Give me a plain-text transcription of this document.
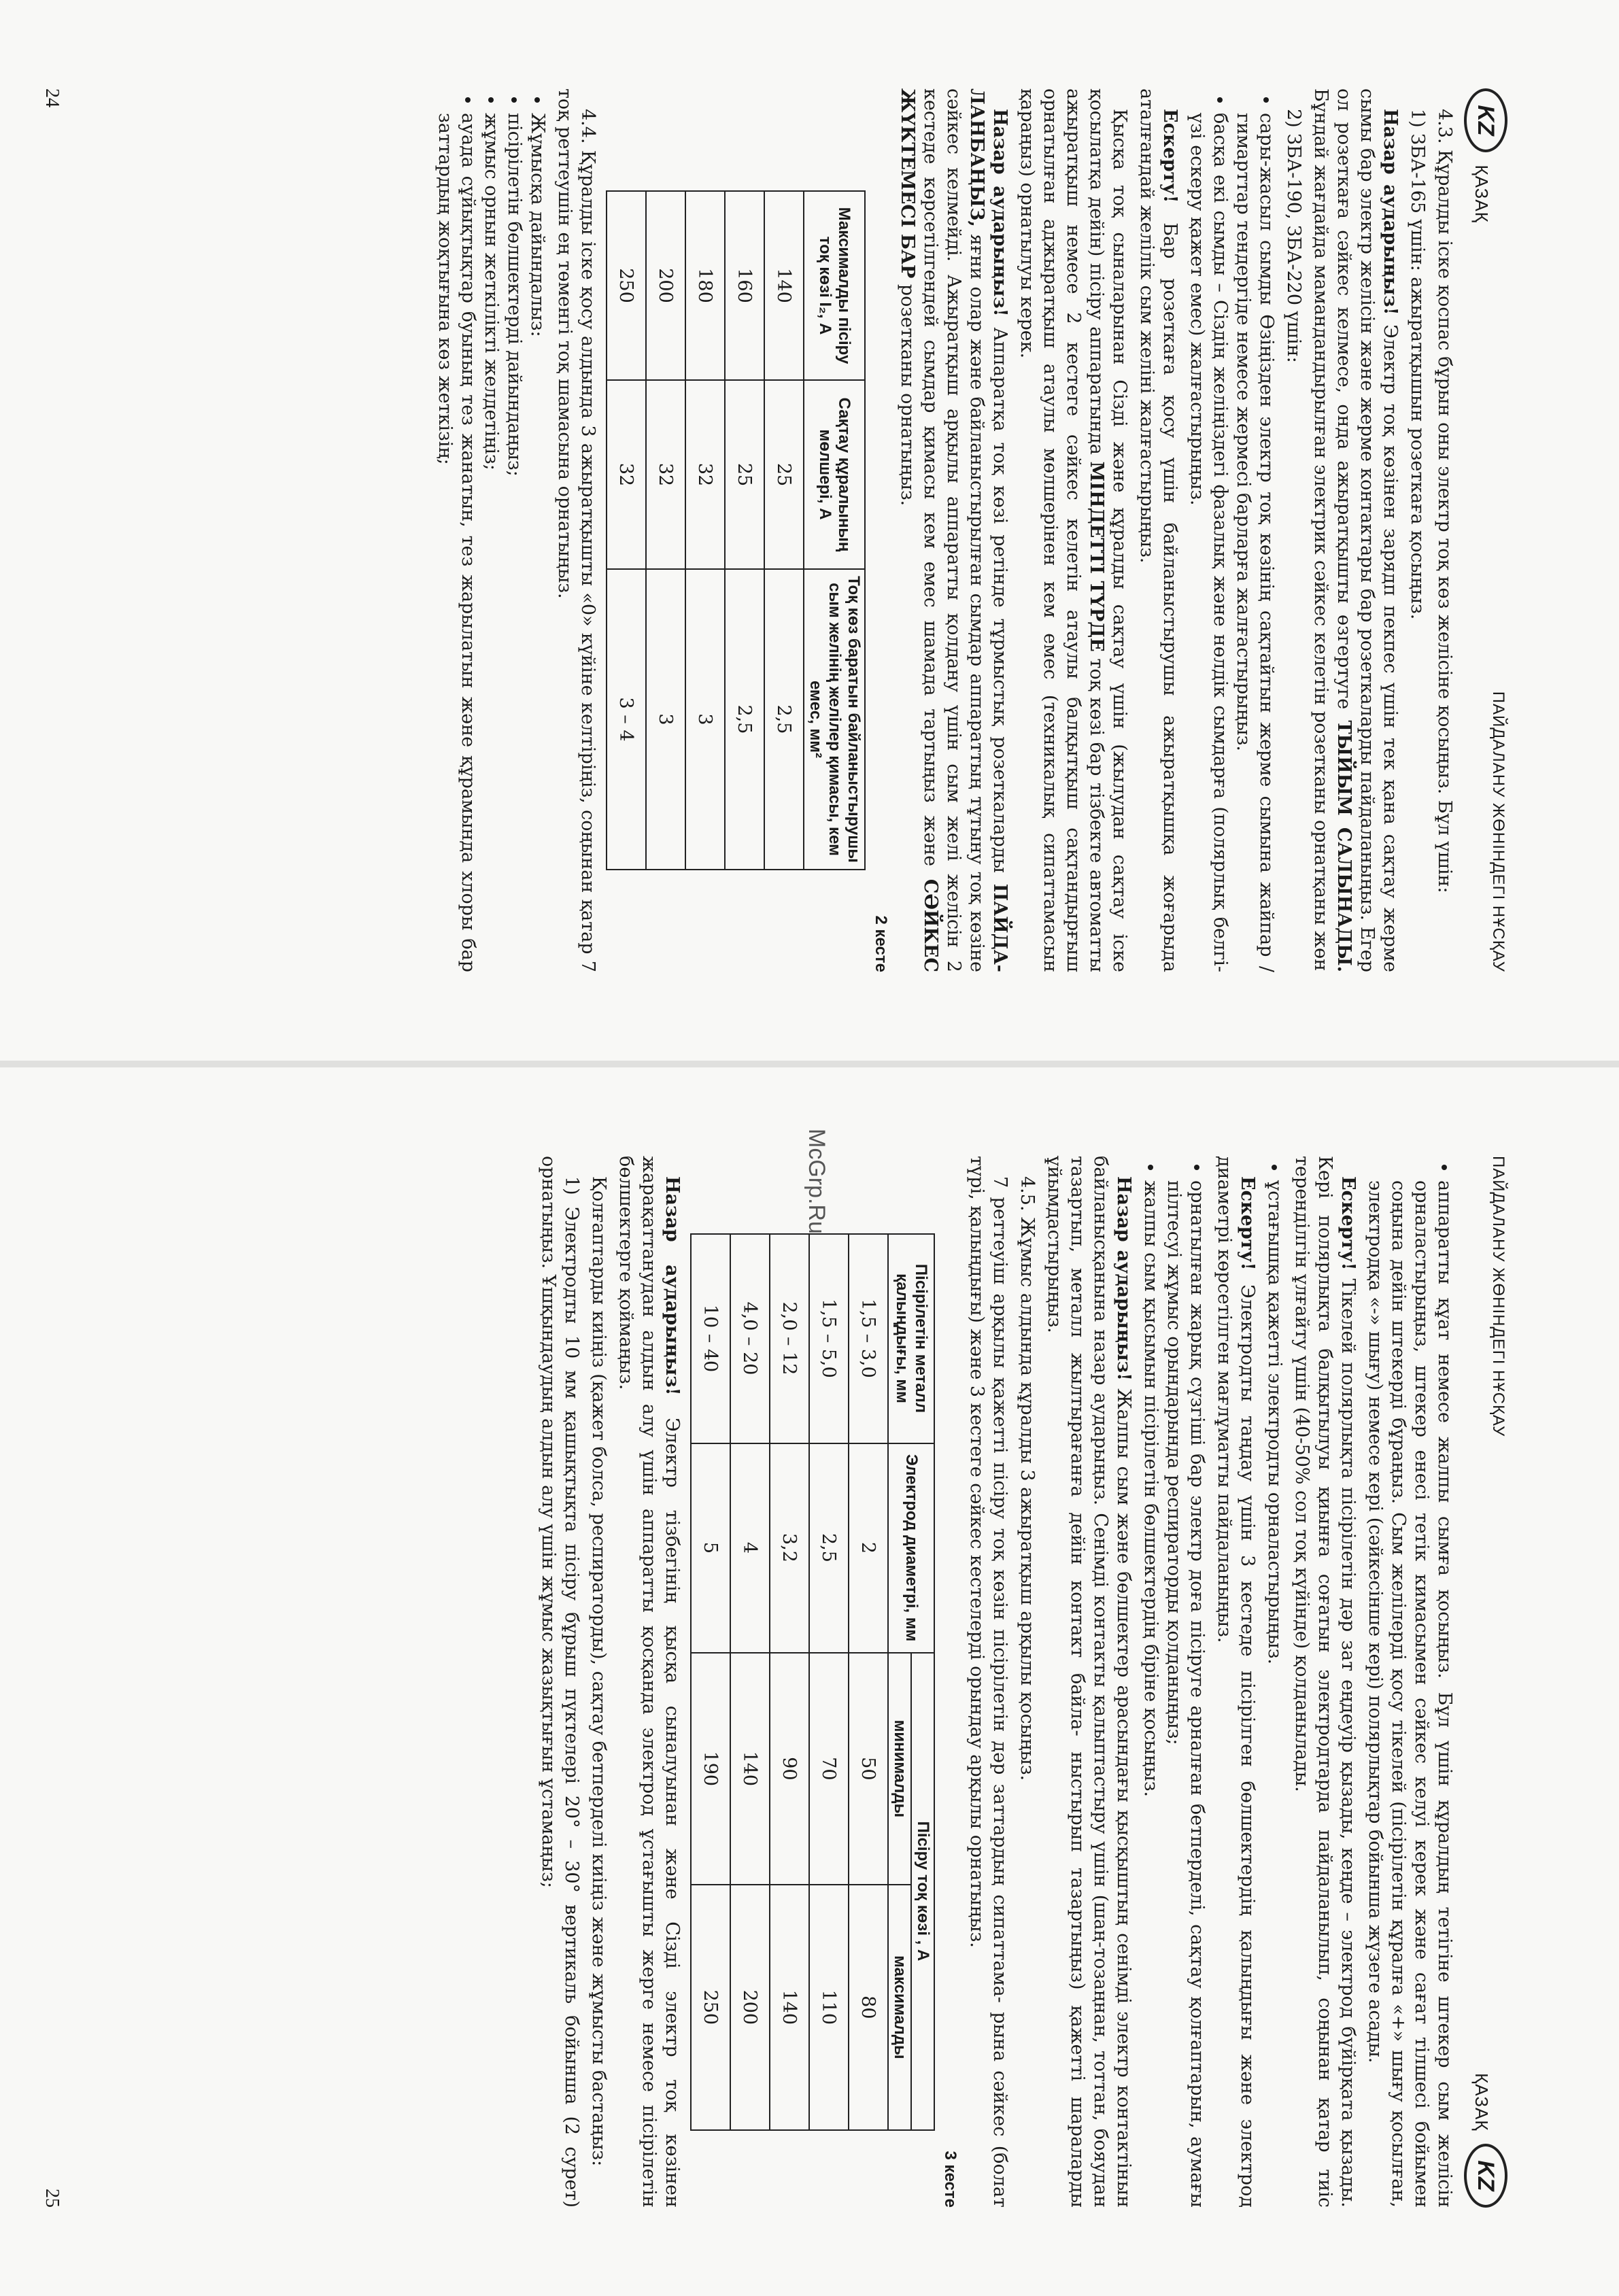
KZ ҚАЗАҚ
ПАЙДАЛАНУ ЖӨНІНДЕГІ НҰСҚАУ

4.3. Құралды іске қоспас бұрын оны электр тоқ көз желісіне қосыңыз. Бұл үшін:

1) ЗБА-165 үшін: ажыратқышын розеткаға қосыңыз.

Назар аударыңыз! Электр тоқ көзінен зарядп пекпес үшін тек қана сақтау жерме сымы бар электр желісін және жерме контактары бар розеткаларды пайдаланыңыз. Егер ол розеткаға сәйкес келмесе, онда ажыратқышты өзгертуге ТЫЙЫМ САЛЫНАДЫ. Бұндай жағдайда мамандандырылған электрик сәйкес келетін розетканы орнатқаны жөн

2) ЗБА-190, ЗБА-220 үшін:

• сары-жасыл сымды Өзіңізден электр тоқ көзінің сақтайтын жерме сымына жайпар / гимарттар тендергіде немесе жермесі барларға жалғастырыңыз.
• басқа екі сымды – Сіздің желіңіздегі фазалық және нөлдік сымдарға (полярлық белгі- үзі ескеру қажет емес) жалғастырыңыз.

Ескерту! Бар розеткаға қосу үшін байланыстырушы ажыратқышқа жоғарыда аталғандай желілік сым желіні жалғастырыңыз.

Қысқа тоқ сыналарынан Сізді және құралды сақтау үшін (жылудан сақтау іске қосылатқа дейін) пісіру аппаратында МІНДЕТТІ ТҮРДЕ тоқ көзі бар тізбекте автоматты ажыратқыш немесе 2 кестеге сәйкес келетін атаулы балқытқыш сақтандырғыш орнатылған аджыратқыш атаулы мөлшерінен кем емес (техникалық сипаттамасын қараңыз) орнатылуы керек.

Назар аударыңыз! Аппаратқа тоқ көзі ретінде тұрмыстық розеткаларды ПАЙДА-ЛАНБАҢЫЗ, яғни олар және байланыстырылған сымдар аппараттың тұтыну тоқ көзіне сәйкес келмейді. Ажыратқыш арқылы аппаратты қолдану үшін сым желі желісін 2 кестеде көрсетілгендей сымдар қимасы кем емес шамада тартыңыз және СӘЙКЕС ЖҮКТЕМЕСІ БАР розетканы орнатыңыз.

2 кесте
Максималды пісіру тоқ көзі I₂, А	Сақтау құралының мөлшері, А	Тоқ көз баратын байланыстырушы сым желінің желілер қимасы, кем емес, мм²
140	25	2,5
160	25	2,5
180	32	3
200	32	3
250	32	3 – 4

4.4. Құралды іске қосу алдында 3 ажыратқышты «0» күйіне келтіріңіз, соңынан қатар 7 тоқ реттеушін ең төменгі тоқ шамасына орнатыңыз.

• Жұмысқа дайындалыз:
• пісірілетін бөлшектерді дайындаңыз;
• жұмыс орнын жеткілікті желдетіңіз;
• ауада сұйықтықтар буының тез жанатын, тез жарылатын және құрамында хлоры бар заттардың жоқтығына көз жеткізің;
24
ПАЙДАЛАНУ ЖӨНІНДЕГІ НҰСҚАУ
ҚАЗАҚ KZ
• аппаратты құат немесе жалпы сымға қосыңыз. Бұл үшін құралдың тетігіне штекер сым желісін орналастырыңыз, штекер енесі тетік кимасымен сәйкес келуі керек және сағат тілшесі бойымен соңына дейін штекерді бұраңыз. Сым желілерді қосу тікелей (пісірілетін құралға «+» шығу қосылған, электродқа «-» шығу) немесе кері (сәйкесінше кері) полярлықтар бойынша жүзеге асады.

Ескерту! Тікелей полярлықта пісірілетін дәр зат еңдеуір қызады, кеңде – электрод бүйірқата қызады. Кері полярлықта балқытылуы қиынға соғатын электродтарда пайдаланылып, соңынан қатар тиіс теренділгін ұлғайту үшін (40-50% сол тоқ күйінде) қолданылады.

• ұстағышқа қажетті электродты орналастырыңыз.

Ескерту! Электродты таңдау үшін 3 кестеде пісірілген бөлшектердің қалыңдығы және электрод диаметрі көрсетілген мағлұматты пайдаланыңыз.

• орнатылған жарық сүзгіші бар электр доға пісіруге арналған бетперделі, сақтау қолғаптарын, аумағы пілтесуі жұмыс орындарында респираторды қолданыңыз;
• жалпы сым қысымын пісірілетін бөлшектердің біріне қосыңыз.

Назар аударыңыз! Жалпы сым және бөлшектер арасындағы қысқыштың сенімді электр контактінын байланысқанына назар аударыңыз. Сенімді контакты қалыптастыру үшін (шаң-тозаңнан, тоттан, бояудан тазартып, металл жылтырағанға дейін контакт байла- ныстырып тазартыңыз) қажетті шараларды ұйымдастырыңыз.

4.5. Жұмыс алдында құралды 3 ажыратқыш арқылы қосыңыз.

7 реттеуіш арқылы қажетті пісіру тоқ көзін пісірілетін дәр заттардың сипаттама- рына сәйкес (болат түрі, қалыңдығы) және 3 кестеге сәйкес кестелерді орындау арқылы орнатыңыз.

3 кесте
Пісірілетін металл қалыңдығы, мм	Электрод диаметрі, мм	Пісіру тоқ көзі , А	
		минималды	максималды
1,5 – 3,0	2	50	80
1,5 – 5,0	2,5	70	110
2,0 – 12	3,2	90	140
4,0 – 20	4	140	200
10 – 40	5	190	250

Назар аударыңыз! Электр тізбегінің қысқа сыналуынан және Сізді электр тоқ көзінен жарақаттанудан алдын алу үшін аппаратты қосқанда электрод ұстағышты жерге немесе пісірілетін бөлшектерге қоймаңыз.

Қолғаптарды киіңіз (қажет болса, респираторды), сақтау бетперделі киіңіз және жұмысты бастаңыз:

1) Электродты 10 мм қашықтықта пісіру бұрыш пүктелері 20° – 30° вертикаль бойынша (2 сурет) орнатыңыз. Ұшқындаудың алдын алу үшін жұмыс жазықтығын ұстамаңыз;

25
McGrp.Ru
